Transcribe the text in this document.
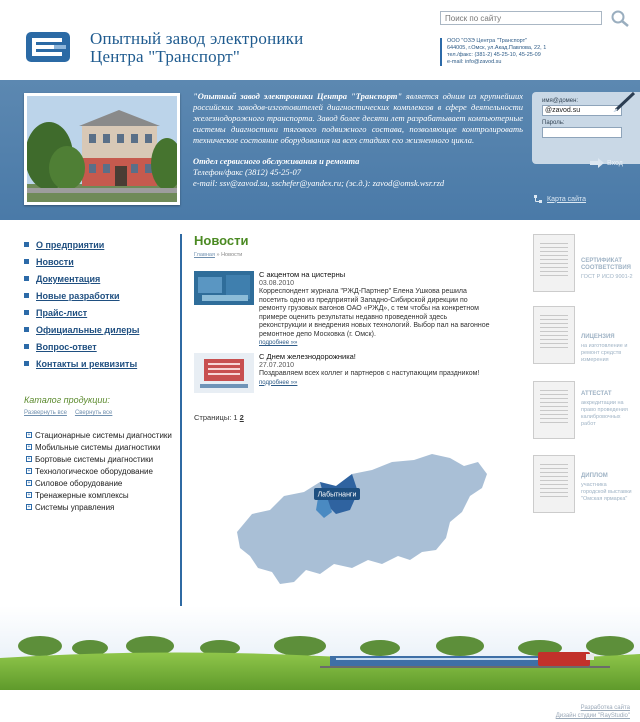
Опытный завод электроники
Центра "Транспорт"
Поиск по сайту
ООО "ОЗЭ Центра "Транспорт"
644005, г.Омск, ул.Акад.Павлова, 22, 1
тел./факс: (381-2) 45-25-10, 45-25-09
e-mail: info@zavod.su

"Опытный завод электроники Центра "Транспорт" является одним из крупнейших российских заводов-изготовителей диагностических комплексов в сфере деятельности железнодорожного транспорта. Завод более десяти лет разрабатывает компьютерные системы диагностики тягового подвижного состава, позволяющие контролировать техническое состояние оборудования на всех стадиях его жизненного цикла.

Отдел сервисного обслуживания и ремонта

Телефон/факс (3812) 45-25-07

e-mail: ssv@zavod.su, sschefer@yandex.ru; (эс.д.): zavod@omsk.wsr.rzd

имя@домен:
@zavod.su
Пароль:
Вход
Карта сайта
О предприятии
Новости
Документация
Новые разработки
Прайс-лист
Официальные дилеры
Вопрос-ответ
Контакты и реквизиты
Каталог продукции:
Развернуть все Свернуть все
+ Стационарные системы диагностики
+ Мобильные системы диагностики
+ Бортовые системы диагностики
+ Технологическое оборудование
+ Силовое оборудование
+ Тренажерные комплексы
+ Системы управления
Новости
Главная » Новости
С акцентом на цистерны
03.08.2010
Корреспондент журнала "РЖД-Партнер" Елена Ушкова решила посетить одно из предприятий Западно-Сибирской дирекции по ремонту грузовых вагонов ОАО «РЖД», с тем чтобы на конкретном примере оценить результаты недавно проведенной здесь реконструкции и внедрения новых технологий. Выбор пал на вагонное ремонтное депо Московка (г. Омск).
подробнее »»
С Днем железнодорожника!
27.07.2010
Поздравляем всех коллег и партнеров с наступающим праздником!
подробнее »»
Страницы: 1 2
Лабытнанги
СЕРТИФИКАТ СООТВЕТСТВИЯ
ГОСТ Р ИСО 9001-2
ЛИЦЕНЗИЯ
на изготовление и ремонт средств измерения
АТТЕСТАТ
аккредитации на право проведения калибровочных работ
ДИПЛОМ
участника городской выставки "Омская ярмарка"
Разработка сайта
Дизайн студии "RayStudio"
